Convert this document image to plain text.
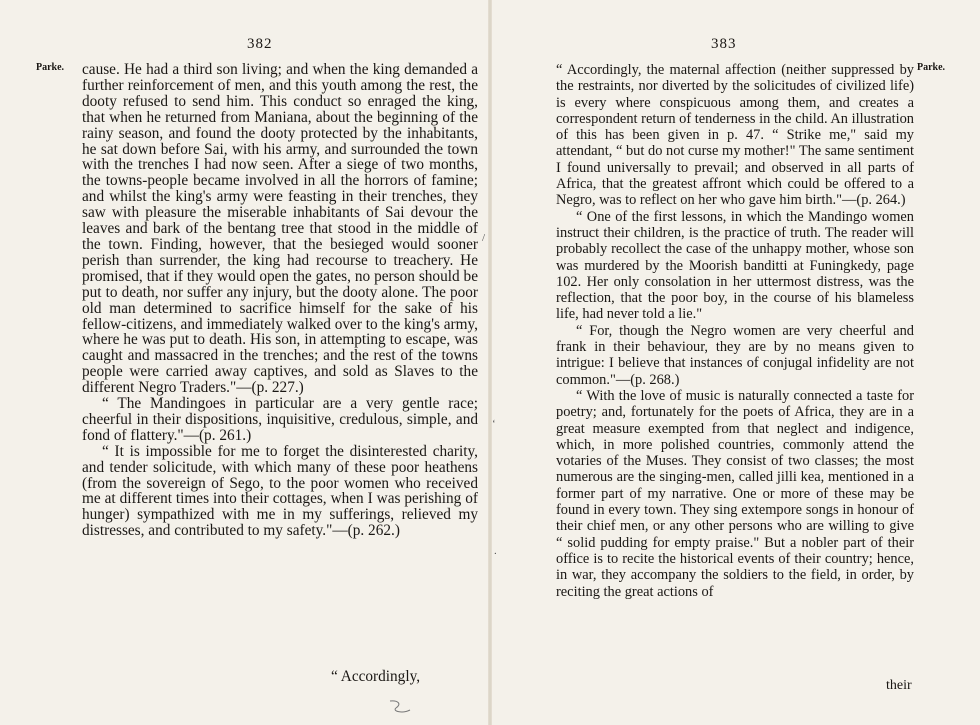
382
Parke. cause. He had a third son living; and when the king demanded a further reinforcement of men, and this youth among the rest, the dooty refused to send him. This conduct so enraged the king, that when he returned from Maniana, about the beginning of the rainy season, and found the dooty protected by the inhabitants, he sat down before Sai, with his army, and surrounded the town with the trenches I had now seen. After a siege of two months, the towns-people became involved in all the horrors of famine; and whilst the king's army were feasting in their trenches, they saw with pleasure the miserable inhabitants of Sai devour the leaves and bark of the bentang tree that stood in the middle of the town. Finding, however, that the besieged would sooner perish than surrender, the king had recourse to treachery. He promised, that if they would open the gates, no person should be put to death, nor suffer any injury, but the dooty alone. The poor old man determined to sacrifice himself for the sake of his fellow-citizens, and immediately walked over to the king's army, where he was put to death. His son, in attempting to escape, was caught and massacred in the trenches; and the rest of the towns people were carried away captives, and sold as Slaves to the different Negro Traders."—(p. 227.)

“ The Mandingoes in particular are a very gentle race; cheerful in their dispositions, inquisitive, credulous, simple, and fond of flattery."—(p. 261.)

“ It is impossible for me to forget the disinterested charity, and tender solicitude, with which many of these poor heathens (from the sovereign of Sego, to the poor women who received me at different times into their cottages, when I was perishing of hunger) sympathized with me in my sufferings, relieved my distresses, and contributed to my safety."—(p. 262.)

“ Accordingly,
/
ʻ
.
383
Parke.

“ Accordingly, the maternal affection (neither suppressed by the restraints, nor diverted by the solicitudes of civilized life) is every where conspicuous among them, and creates a correspondent return of tenderness in the child. An illustration of this has been given in p. 47. “ Strike me," said my attendant, “ but do not curse my mother!" The same sentiment I found universally to prevail; and observed in all parts of Africa, that the greatest affront which could be offered to a Negro, was to reflect on her who gave him birth."—(p. 264.)

“ One of the first lessons, in which the Mandingo women instruct their children, is the practice of truth. The reader will probably recollect the case of the unhappy mother, whose son was murdered by the Moorish banditti at Funingkedy, page 102. Her only consolation in her uttermost distress, was the reflection, that the poor boy, in the course of his blameless life, had never told a lie."

“ For, though the Negro women are very cheerful and frank in their behaviour, they are by no means given to intrigue: I believe that instances of conjugal infidelity are not common."—(p. 268.)

“ With the love of music is naturally connected a taste for poetry; and, fortunately for the poets of Africa, they are in a great measure exempted from that neglect and indigence, which, in more polished countries, commonly attend the votaries of the Muses. They consist of two classes; the most numerous are the singing-men, called jilli kea, mentioned in a former part of my narrative. One or more of these may be found in every town. They sing extempore songs in honour of their chief men, or any other persons who are willing to give “ solid pudding for empty praise." But a nobler part of their office is to recite the historical events of their country; hence, in war, they accompany the soldiers to the field, in order, by reciting the great actions of

their
